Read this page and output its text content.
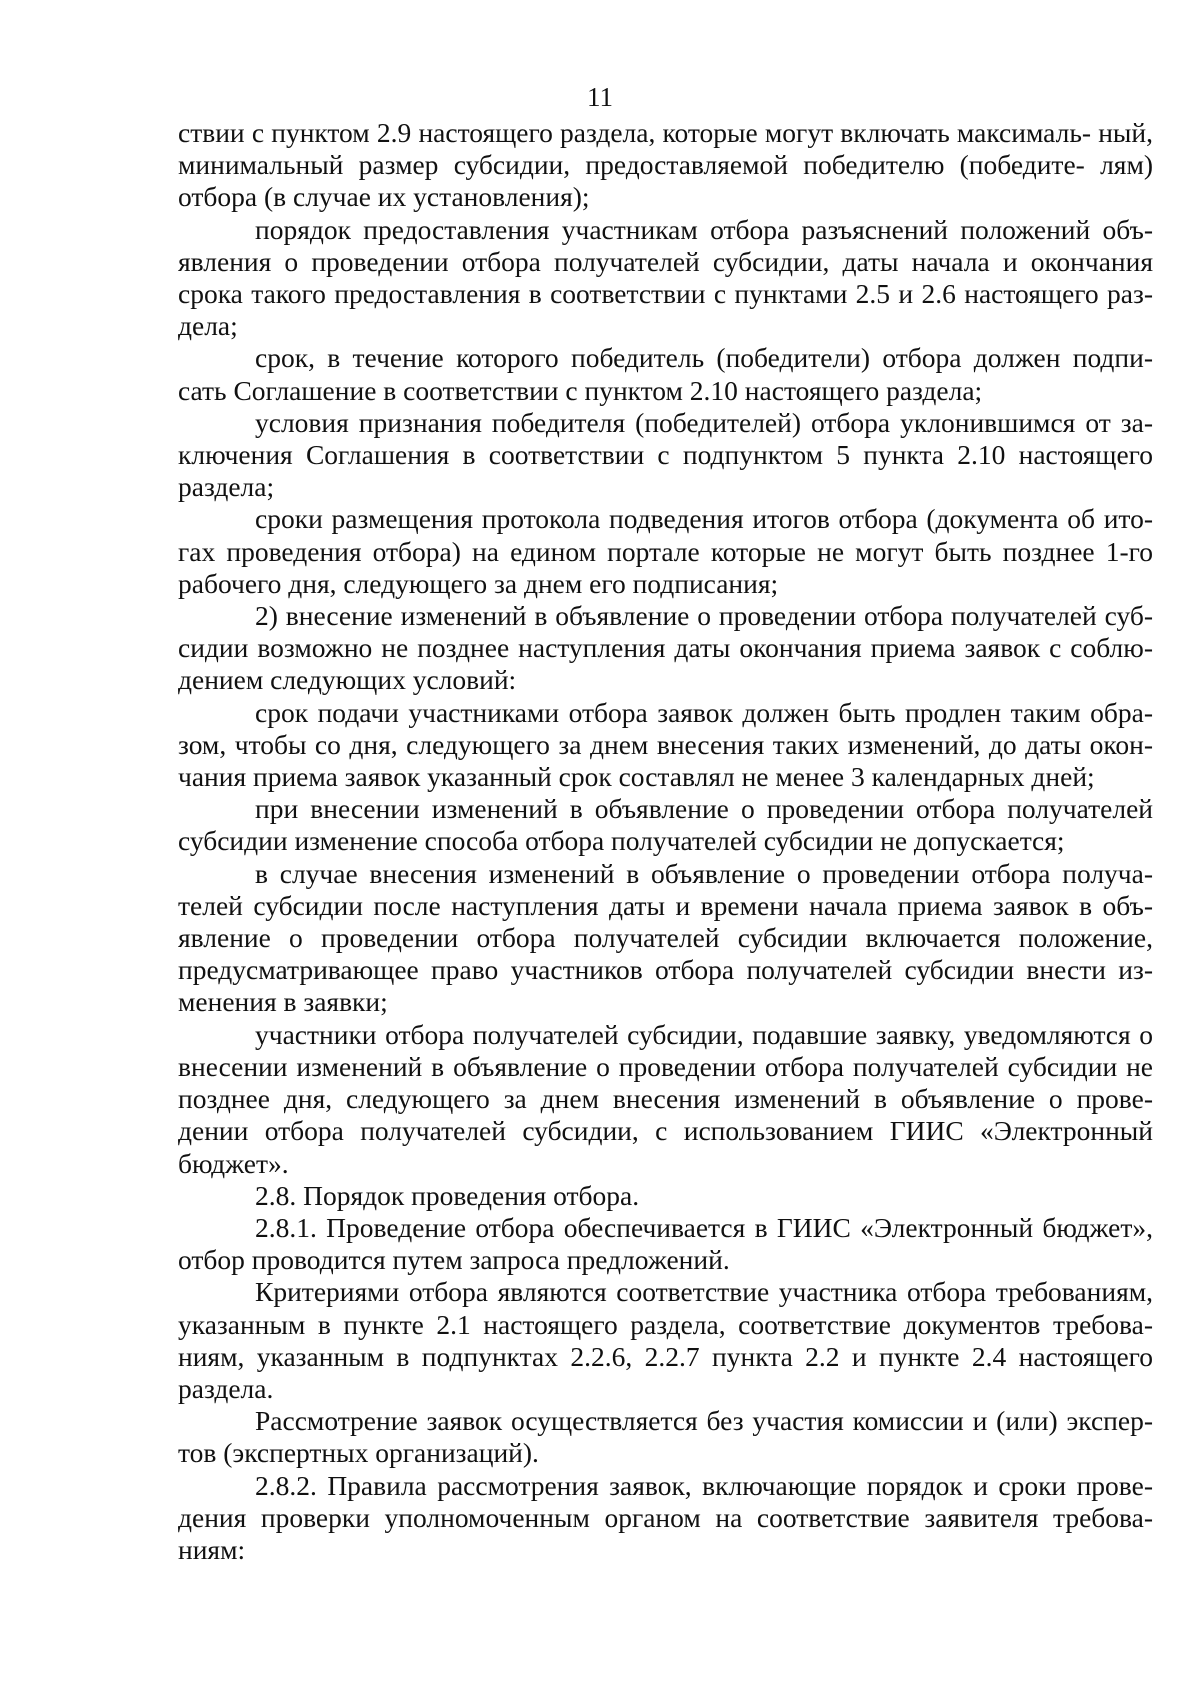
11

ствии с пунктом 2.9 настоящего раздела, которые могут включать максималь- ный, минимальный размер субсидии, предоставляемой победителю (победите- лям) отбора (в случае их установления);

порядок предоставления участникам отбора разъяснений положений объ- явления о проведении отбора получателей субсидии, даты начала и окончания срока такого предоставления в соответствии с пунктами 2.5 и 2.6 настоящего раз- дела;

срок, в течение которого победитель (победители) отбора должен подпи- сать Соглашение в соответствии с пунктом 2.10 настоящего раздела;

условия признания победителя (победителей) отбора уклонившимся от за- ключения Соглашения в соответствии с подпунктом 5 пункта 2.10 настоящего раздела;

сроки размещения протокола подведения итогов отбора (документа об ито- гах проведения отбора) на едином портале которые не могут быть позднее 1-го рабочего дня, следующего за днем его подписания;

2) внесение изменений в объявление о проведении отбора получателей суб- сидии возможно не позднее наступления даты окончания приема заявок с соблю- дением следующих условий:

срок подачи участниками отбора заявок должен быть продлен таким обра- зом, чтобы со дня, следующего за днем внесения таких изменений, до даты окон- чания приема заявок указанный срок составлял не менее 3 календарных дней;

при внесении изменений в объявление о проведении отбора получателей субсидии изменение способа отбора получателей субсидии не допускается;

в случае внесения изменений в объявление о проведении отбора получа- телей субсидии после наступления даты и времени начала приема заявок в объ- явление о проведении отбора получателей субсидии включается положение, предусматривающее право участников отбора получателей субсидии внести из- менения в заявки;

участники отбора получателей субсидии, подавшие заявку, уведомляются о внесении изменений в объявление о проведении отбора получателей субсидии не позднее дня, следующего за днем внесения изменений в объявление о прове- дении отбора получателей субсидии, с использованием ГИИС «Электронный бюджет».

2.8. Порядок проведения отбора.

2.8.1. Проведение отбора обеспечивается в ГИИС «Электронный бюджет», отбор проводится путем запроса предложений.

Критериями отбора являются соответствие участника отбора требованиям, указанным в пункте 2.1 настоящего раздела, соответствие документов требова- ниям, указанным в подпунктах 2.2.6, 2.2.7 пункта 2.2 и пункте 2.4 настоящего раздела.

Рассмотрение заявок осуществляется без участия комиссии и (или) экспер- тов (экспертных организаций).

2.8.2. Правила рассмотрения заявок, включающие порядок и сроки прове- дения проверки уполномоченным органом на соответствие заявителя требова- ниям:
